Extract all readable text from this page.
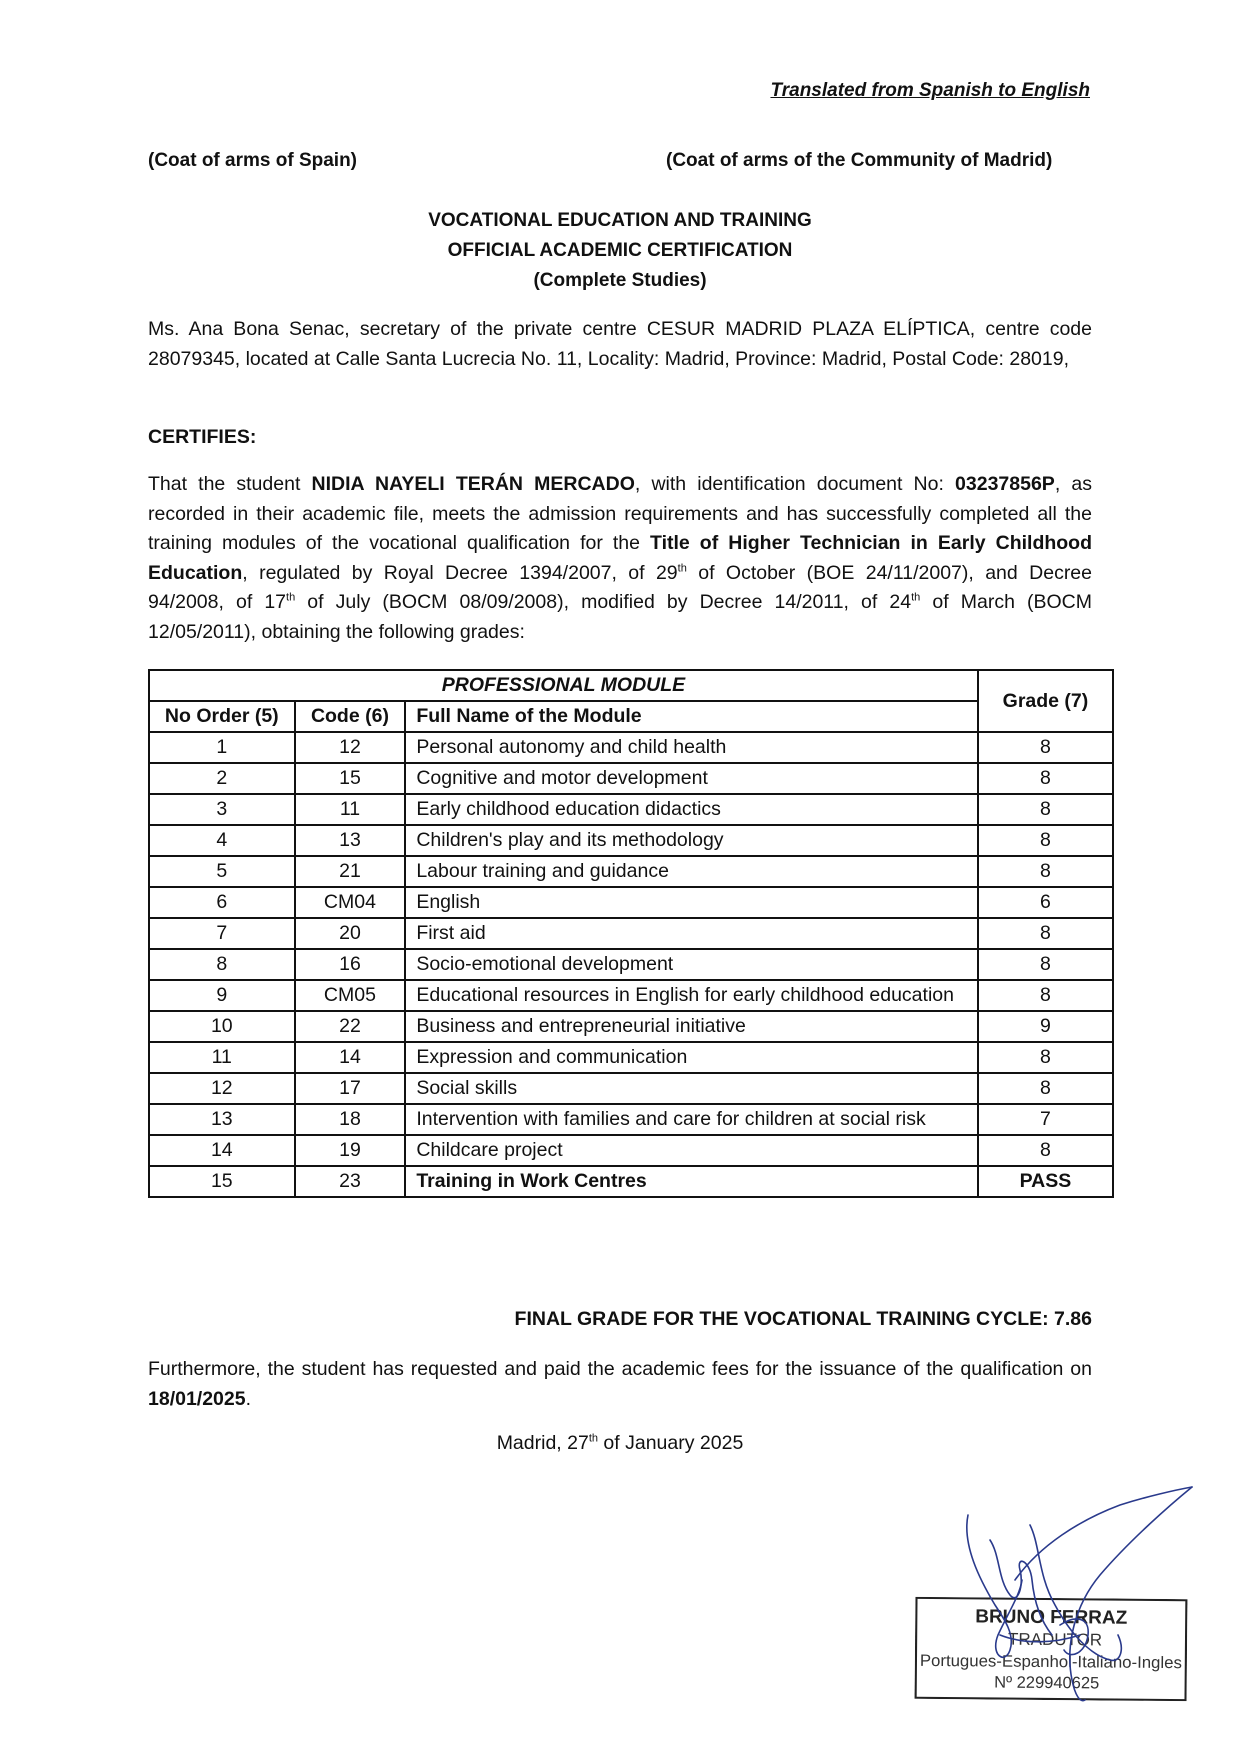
Translated from Spanish to English
(Coat of arms of Spain)	(Coat of arms of the Community of Madrid)
VOCATIONAL EDUCATION AND TRAINING
OFFICIAL ACADEMIC CERTIFICATION
(Complete Studies)
Ms. Ana Bona Senac, secretary of the private centre CESUR MADRID PLAZA ELÍPTICA, centre code 28079345, located at Calle Santa Lucrecia No. 11, Locality: Madrid, Province: Madrid, Postal Code: 28019,
CERTIFIES:
That the student NIDIA NAYELI TERÁN MERCADO, with identification document No: 03237856P, as recorded in their academic file, meets the admission requirements and has successfully completed all the training modules of the vocational qualification for the Title of Higher Technician in Early Childhood Education, regulated by Royal Decree 1394/2007, of 29th of October (BOE 24/11/2007), and Decree 94/2008, of 17th of July (BOCM 08/09/2008), modified by Decree 14/2011, of 24th of March (BOCM 12/05/2011), obtaining the following grades:
PROFESSIONAL MODULE			Grade (7)
No Order (5)	Code (6)	Full Name of the Module	
1	12	Personal autonomy and child health	8
2	15	Cognitive and motor development	8
3	11	Early childhood education didactics	8
4	13	Children's play and its methodology	8
5	21	Labour training and guidance	8
6	CM04	English	6
7	20	First aid	8
8	16	Socio-emotional development	8
9	CM05	Educational resources in English for early childhood education	8
10	22	Business and entrepreneurial initiative	9
11	14	Expression and communication	8
12	17	Social skills	8
13	18	Intervention with families and care for children at social risk	7
14	19	Childcare project	8
15	23	Training in Work Centres	PASS
FINAL GRADE FOR THE VOCATIONAL TRAINING CYCLE: 7.86
Furthermore, the student has requested and paid the academic fees for the issuance of the qualification on 18/01/2025.
Madrid, 27th of January 2025
BRUNO FERRAZ
TRADUTOR
Portugues-Espanhol-Italiano-Ingles
Nº 229940625
